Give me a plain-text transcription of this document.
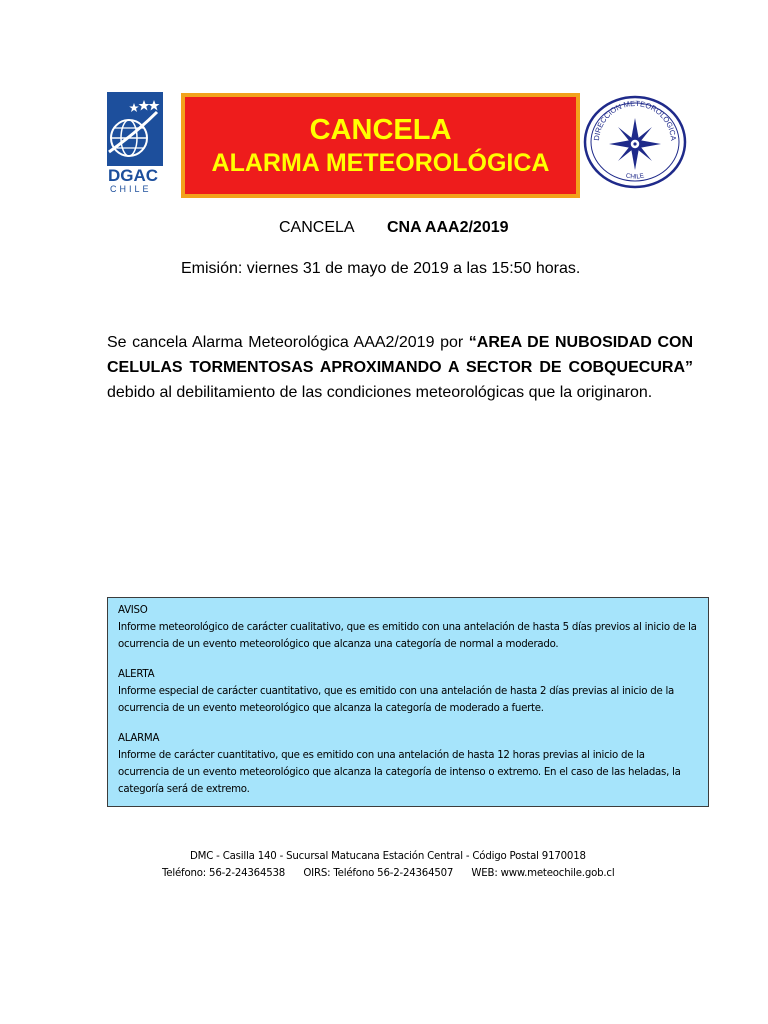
DGAC
CHILE
CANCELA
ALARMA METEOROLÓGICA
DIRECCION METEOROLOGICA
CHILE
CANCELA CNA AAA2/2019
Emisión: viernes 31 de mayo de 2019 a las 15:50 horas.
Se cancela Alarma Meteorológica AAA2/2019 por “AREA DE NUBOSIDAD CON CELULAS TORMENTOSAS APROXIMANDO A SECTOR DE COBQUECURA” debido al debilitamiento de las condiciones meteorológicas que la originaron.
AVISO
Informe meteorológico de carácter cualitativo, que es emitido con una antelación de hasta 5 días previos al inicio de la ocurrencia de un evento meteorológico que alcanza una categoría de normal a moderado.
ALERTA
Informe especial de carácter cuantitativo, que es emitido con una antelación de hasta 2 días previas al inicio de la ocurrencia de un evento meteorológico que alcanza la categoría de moderado a fuerte.
ALARMA
Informe de carácter cuantitativo, que es emitido con una antelación de hasta 12 horas previas al inicio de la ocurrencia de un evento meteorológico que alcanza la categoría de intenso o extremo. En el caso de las heladas, la categoría será de extremo.
DMC - Casilla 140 - Sucursal Matucana Estación Central - Código Postal 9170018
Teléfono: 56-2-24364538      OIRS: Teléfono 56-2-24364507      WEB: www.meteochile.gob.cl
